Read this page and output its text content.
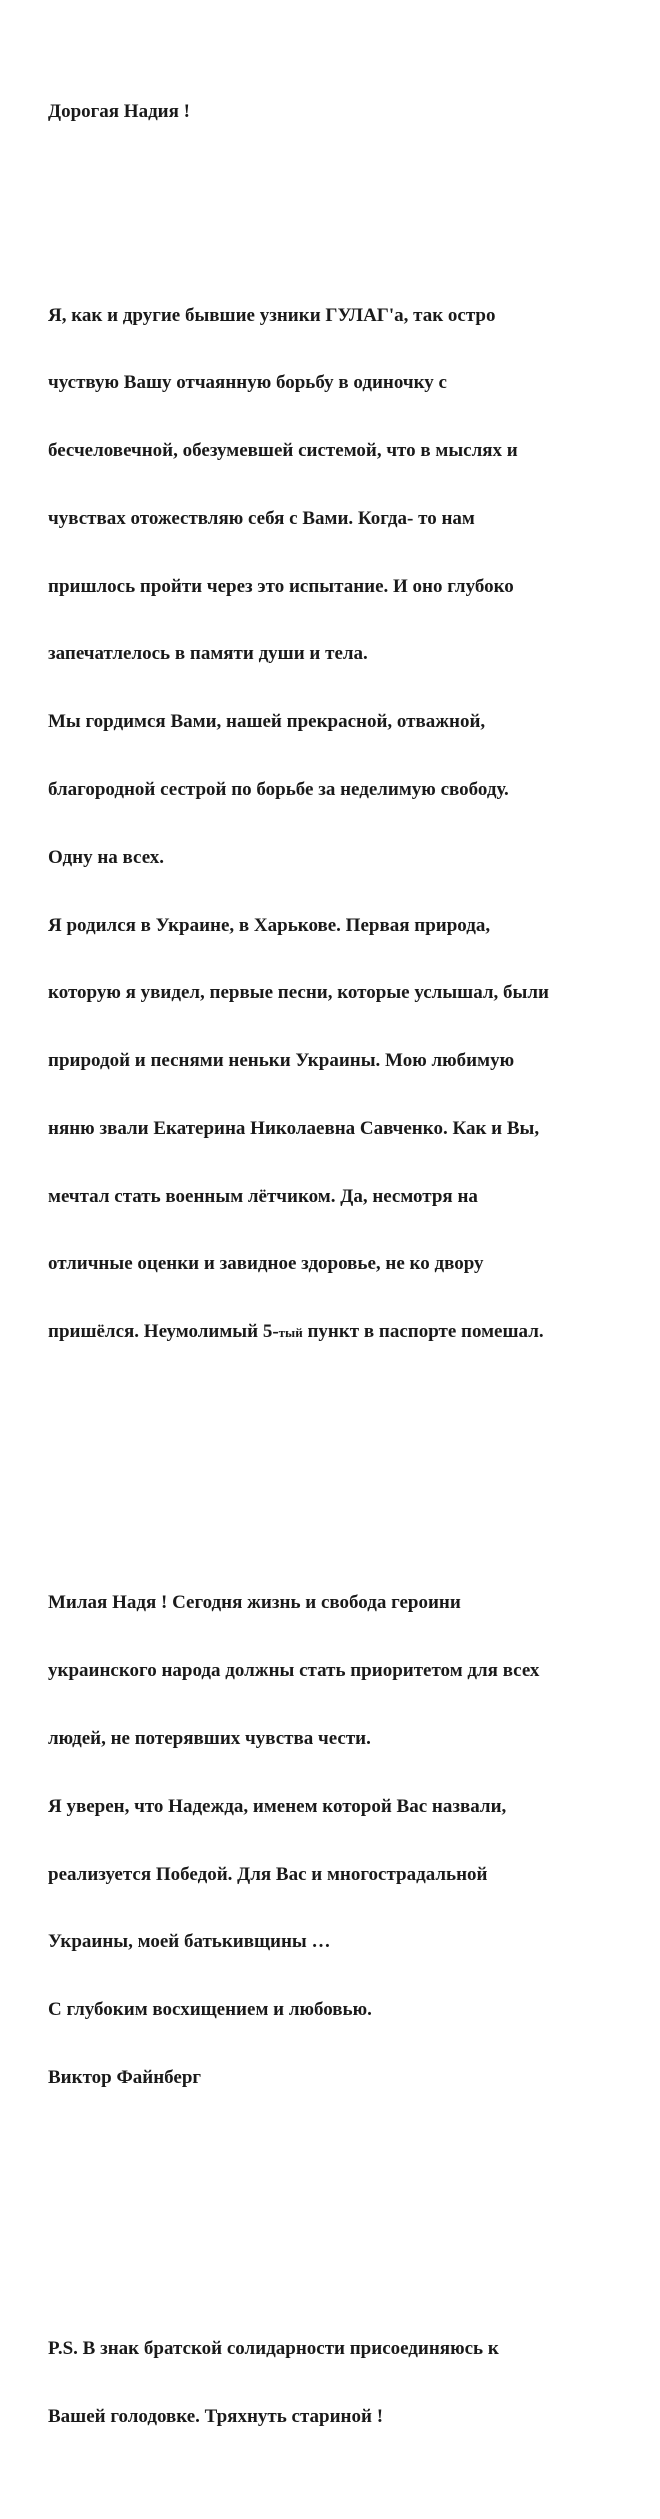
Дорогая Надия !

Я, как и другие бывшие узники ГУЛАГ'а, так остро

чуствую Вашу отчаянную борьбу в одиночку с

бесчеловечной, обезумевшей системой, что в мыслях и

чувствах отожествляю себя с Вами. Когда- то нам

пришлось пройти через это испытание. И оно глубоко

запечатлелось в памяти души и тела.

Мы гордимся Вами, нашей прекрасной, отважной,

благородной сестрой по борьбе за неделимую свободу.

Одну на всех.

Я родился в Украине, в Харькове. Первая природа,

которую я увидел, первые песни, которые услышал, были

природой и песнями неньки Украины. Мою любимую

няню звали Екатерина Николаевна Савченко. Как и Вы,

мечтал стать военным лётчиком. Да, несмотря на

отличные оценки и завидное здоровье, не ко двору

пришёлся. Неумолимый 5-тый пункт в паспорте помешал.

Милая Надя ! Сегодня жизнь и свобода героини

украинского народа должны стать приоритетом для всех

людей, не потерявших чувства чести.

Я уверен, что Надежда, именем которой Вас назвали,

реализуется Победой. Для Вас и многострадальной

Украины, моей батькивщины …

С глубоким восхищением и любовью.

Виктор Файнберг

P.S. В знак братской солидарности присоединяюсь к

Вашей голодовке. Тряхнуть стариной !
